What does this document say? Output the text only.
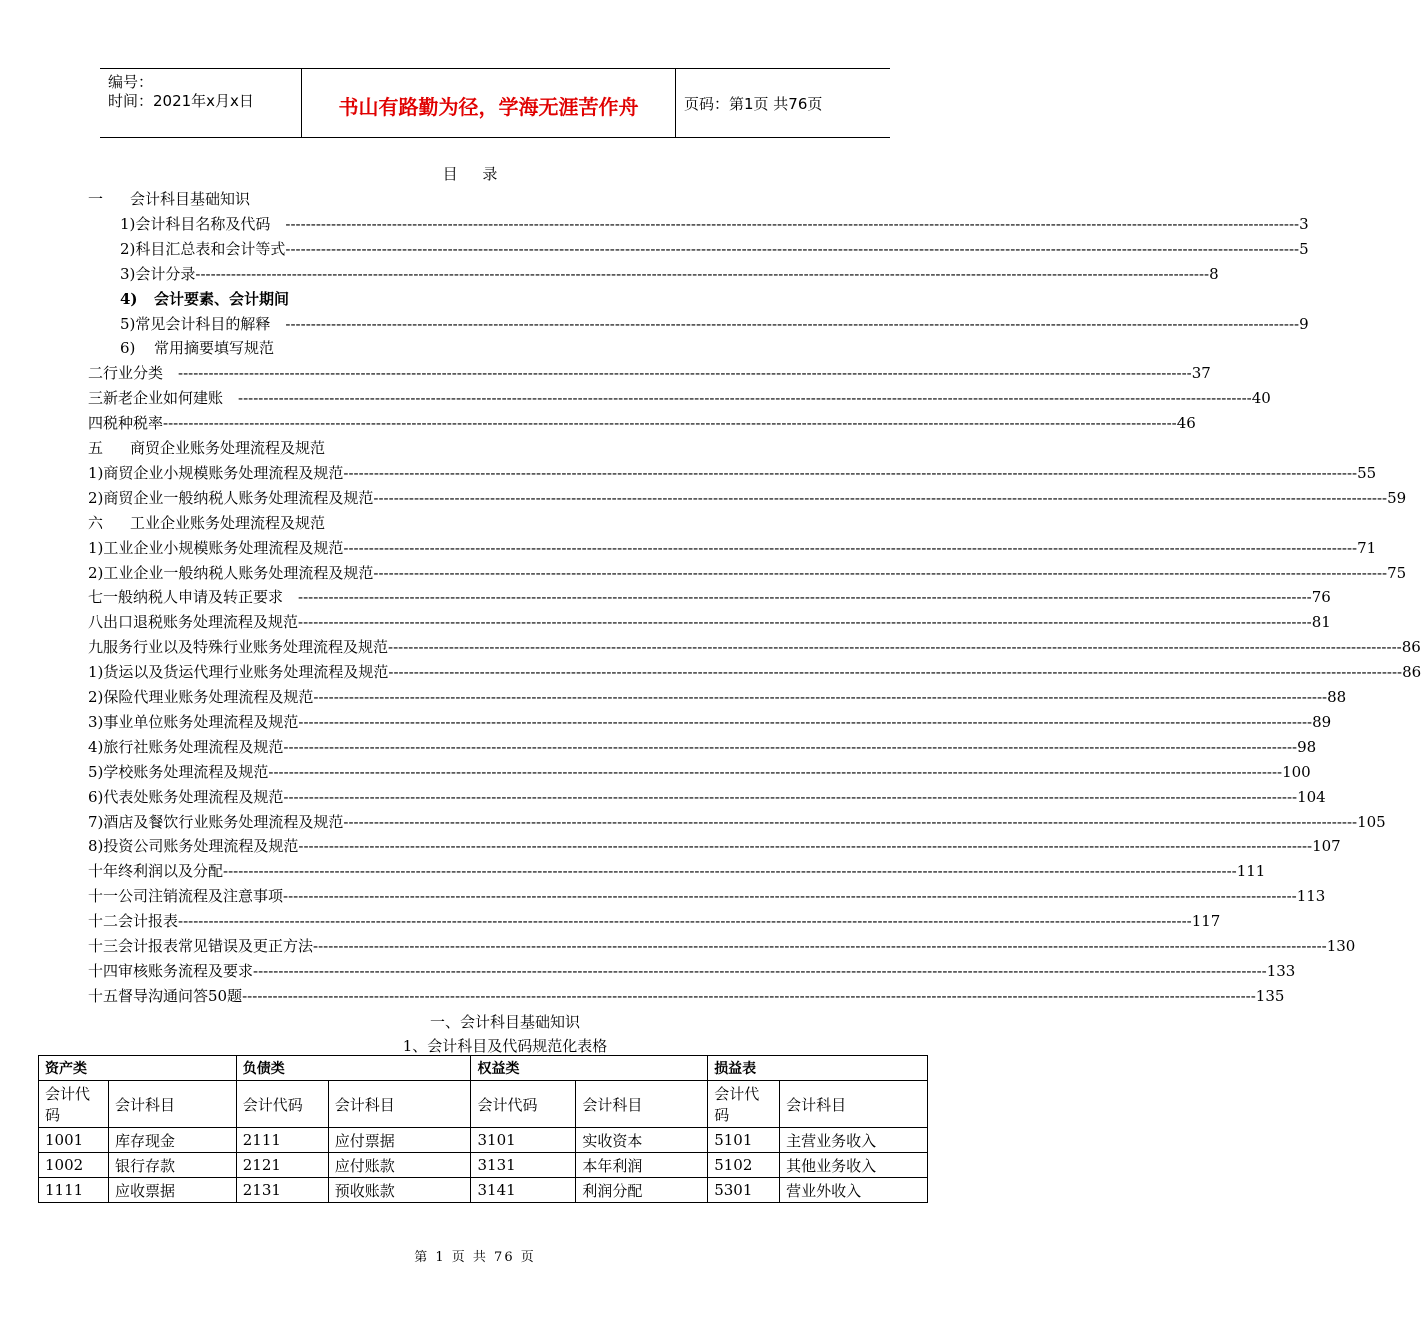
编号：
时间：2021年x月x日	书山有路勤为径，学海无涯苦作舟	页码：第1页 共76页
目 录
一	会计科目基础知识
1) 会计科目名称及代码　 -------------------------------------------------------------------------------------------------------------------------------------------------------------------------------------------------------- 3
2) 科目汇总表和会计等式 -------------------------------------------------------------------------------------------------------------------------------------------------------------------------------------------------------- 5
3) 会计分录 -------------------------------------------------------------------------------------------------------------------------------------------------------------------------------------------------------- 8
4)	会计要素、会计期间
5) 常见会计科目的解释　 -------------------------------------------------------------------------------------------------------------------------------------------------------------------------------------------------------- 9
6)	常用摘要填写规范
二 行业分类　 -------------------------------------------------------------------------------------------------------------------------------------------------------------------------------------------------------- 37
三 新老企业如何建账　 -------------------------------------------------------------------------------------------------------------------------------------------------------------------------------------------------------- 40
四 税种税率 -------------------------------------------------------------------------------------------------------------------------------------------------------------------------------------------------------- 46
五	商贸企业账务处理流程及规范
1) 商贸企业小规模账务处理流程及规范 -------------------------------------------------------------------------------------------------------------------------------------------------------------------------------------------------------- 55
2) 商贸企业一般纳税人账务处理流程及规范 -------------------------------------------------------------------------------------------------------------------------------------------------------------------------------------------------------- 59
六	工业企业账务处理流程及规范
1) 工业企业小规模账务处理流程及规范 -------------------------------------------------------------------------------------------------------------------------------------------------------------------------------------------------------- 71
2) 工业企业一般纳税人账务处理流程及规范 -------------------------------------------------------------------------------------------------------------------------------------------------------------------------------------------------------- 75
七 一般纳税人申请及转正要求　 -------------------------------------------------------------------------------------------------------------------------------------------------------------------------------------------------------- 76
八 出口退税账务处理流程及规范 -------------------------------------------------------------------------------------------------------------------------------------------------------------------------------------------------------- 81
九 服务行业以及特殊行业账务处理流程及规范 -------------------------------------------------------------------------------------------------------------------------------------------------------------------------------------------------------- 86
1) 货运以及货运代理行业账务处理流程及规范 -------------------------------------------------------------------------------------------------------------------------------------------------------------------------------------------------------- 86
2) 保险代理业账务处理流程及规范 -------------------------------------------------------------------------------------------------------------------------------------------------------------------------------------------------------- 88
3) 事业单位账务处理流程及规范 -------------------------------------------------------------------------------------------------------------------------------------------------------------------------------------------------------- 89
4) 旅行社账务处理流程及规范 -------------------------------------------------------------------------------------------------------------------------------------------------------------------------------------------------------- 98
5) 学校账务处理流程及规范 -------------------------------------------------------------------------------------------------------------------------------------------------------------------------------------------------------- 100
6) 代表处账务处理流程及规范 -------------------------------------------------------------------------------------------------------------------------------------------------------------------------------------------------------- 104
7) 酒店及餐饮行业账务处理流程及规范 -------------------------------------------------------------------------------------------------------------------------------------------------------------------------------------------------------- 105
8) 投资公司账务处理流程及规范 -------------------------------------------------------------------------------------------------------------------------------------------------------------------------------------------------------- 107
十 年终利润以及分配 -------------------------------------------------------------------------------------------------------------------------------------------------------------------------------------------------------- 111
十一 公司注销流程及注意事项 -------------------------------------------------------------------------------------------------------------------------------------------------------------------------------------------------------- 113
十二 会计报表 -------------------------------------------------------------------------------------------------------------------------------------------------------------------------------------------------------- 117
十三 会计报表常见错误及更正方法 -------------------------------------------------------------------------------------------------------------------------------------------------------------------------------------------------------- 130
十四 审核账务流程及要求 -------------------------------------------------------------------------------------------------------------------------------------------------------------------------------------------------------- 133
十五 督导沟通问答50题 -------------------------------------------------------------------------------------------------------------------------------------------------------------------------------------------------------- 135
一、会计科目基础知识
1、会计科目及代码规范化表格
资产类		负债类		权益类		损益表	
会计代码	会计科目	会计代码	会计科目	会计代码	会计科目	会计代码	会计科目
1001	库存现金	2111	应付票据	3101	实收资本	5101	主营业务收入
1002	银行存款	2121	应付账款	3131	本年利润	5102	其他业务收入
1111	应收票据	2131	预收账款	3141	利润分配	5301	营业外收入
第 1 页 共 76 页
